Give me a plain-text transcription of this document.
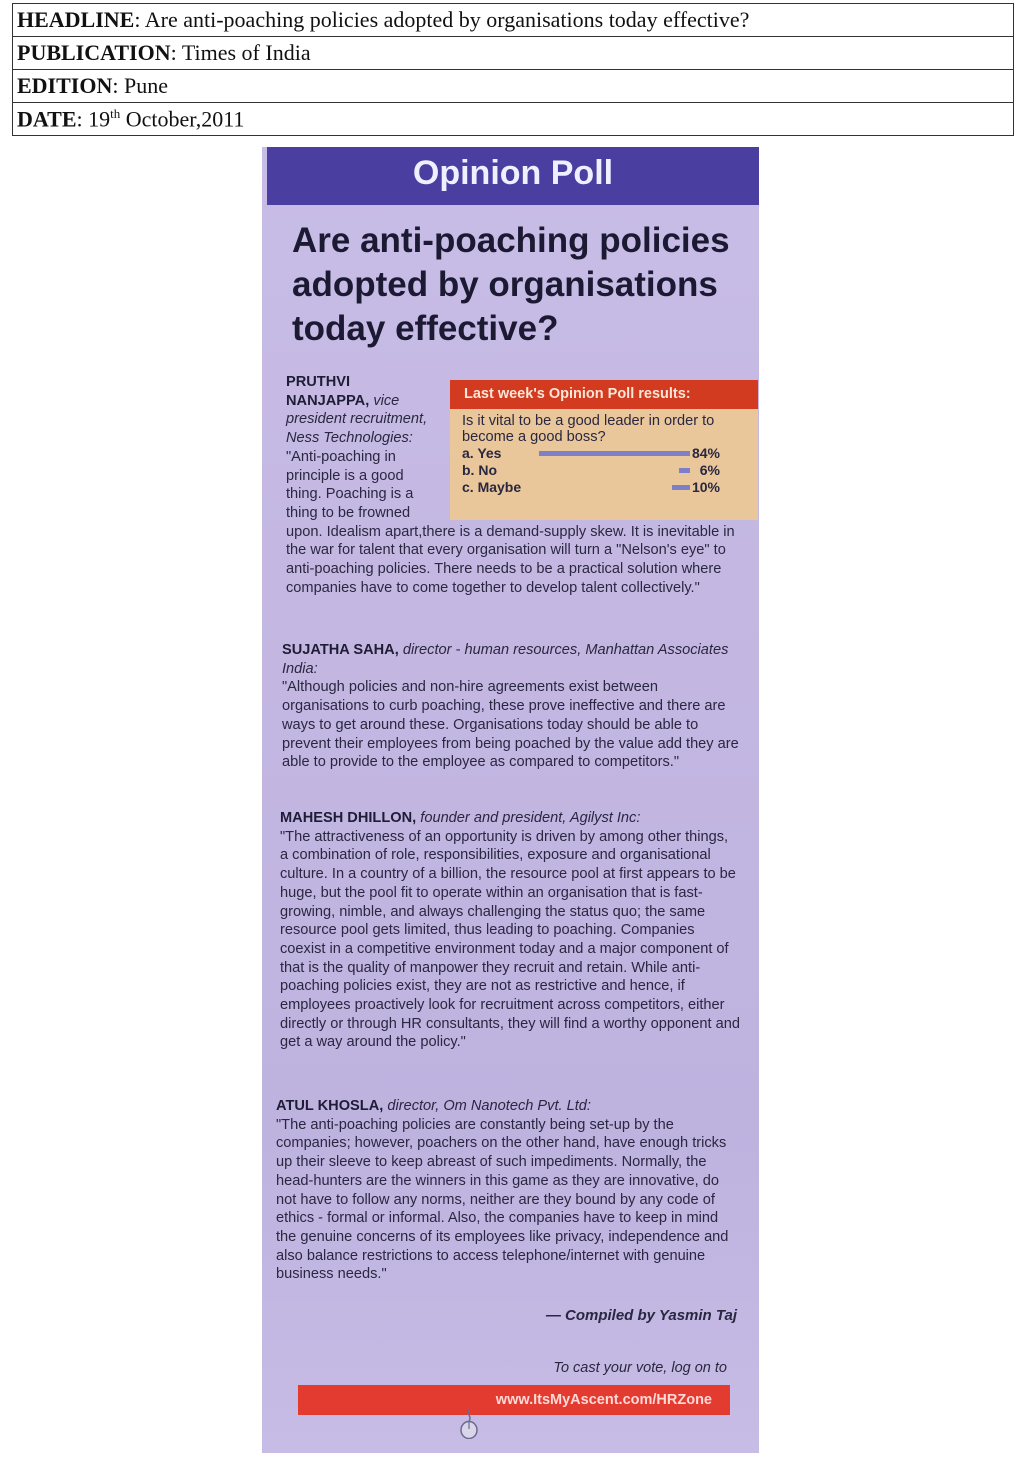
HEADLINE: Are anti-poaching policies adopted by organisations today effective?
PUBLICATION: Times of India
EDITION: Pune
DATE: 19th October,2011
Opinion Poll
Are anti-poaching policies adopted by organisations today effective?
Last week's Opinion Poll results:
Is it vital to be a good leader in order to become a good boss?
a. Yes	84%
b. No	6%
c. Maybe	10%
PRUTHVI NANJAPPA, vice president recruitment, Ness Technologies: "Anti-poaching in principle is a good thing. Poaching is a thing to be frowned upon. Idealism apart,there is a demand-supply skew. It is inevitable in the war for talent that every organisation will turn a "Nelson's eye" to anti-poaching policies. There needs to be a practical solution where companies have to come together to develop talent collectively."
SUJATHA SAHA, director - human resources, Manhattan Associates India:
"Although policies and non-hire agreements exist between organisations to curb poaching, these prove ineffective and there are ways to get around these. Organisations today should be able to prevent their employees from being poached by the value add they are able to provide to the employee as compared to competitors."
MAHESH DHILLON, founder and president, Agilyst Inc:
"The attractiveness of an opportunity is driven by among other things, a combination of role, responsibilities, exposure and organisational culture. In a country of a billion, the resource pool at first appears to be huge, but the pool fit to operate within an organisation that is fast-growing, nimble, and always challenging the status quo; the same resource pool gets limited, thus leading to poaching. Companies coexist in a competitive environment today and a major component of that is the quality of manpower they recruit and retain. While anti-poaching policies exist, they are not as restrictive and hence, if employees proactively look for recruitment across competitors, either directly or through HR consultants, they will find a worthy opponent and get a way around the policy."
ATUL KHOSLA, director, Om Nanotech Pvt. Ltd:
"The anti-poaching policies are constantly being set-up by the companies; however, poachers on the other hand, have enough tricks up their sleeve to keep abreast of such impediments. Normally, the head-hunters are the winners in this game as they are innovative, do not have to follow any norms, neither are they bound by any code of ethics - formal or informal. Also, the companies have to keep in mind the genuine concerns of its employees like privacy, independence and also balance restrictions to access telephone/internet with genuine business needs."
— Compiled by Yasmin Taj
To cast your vote, log on to
www.ItsMyAscent.com/HRZone
